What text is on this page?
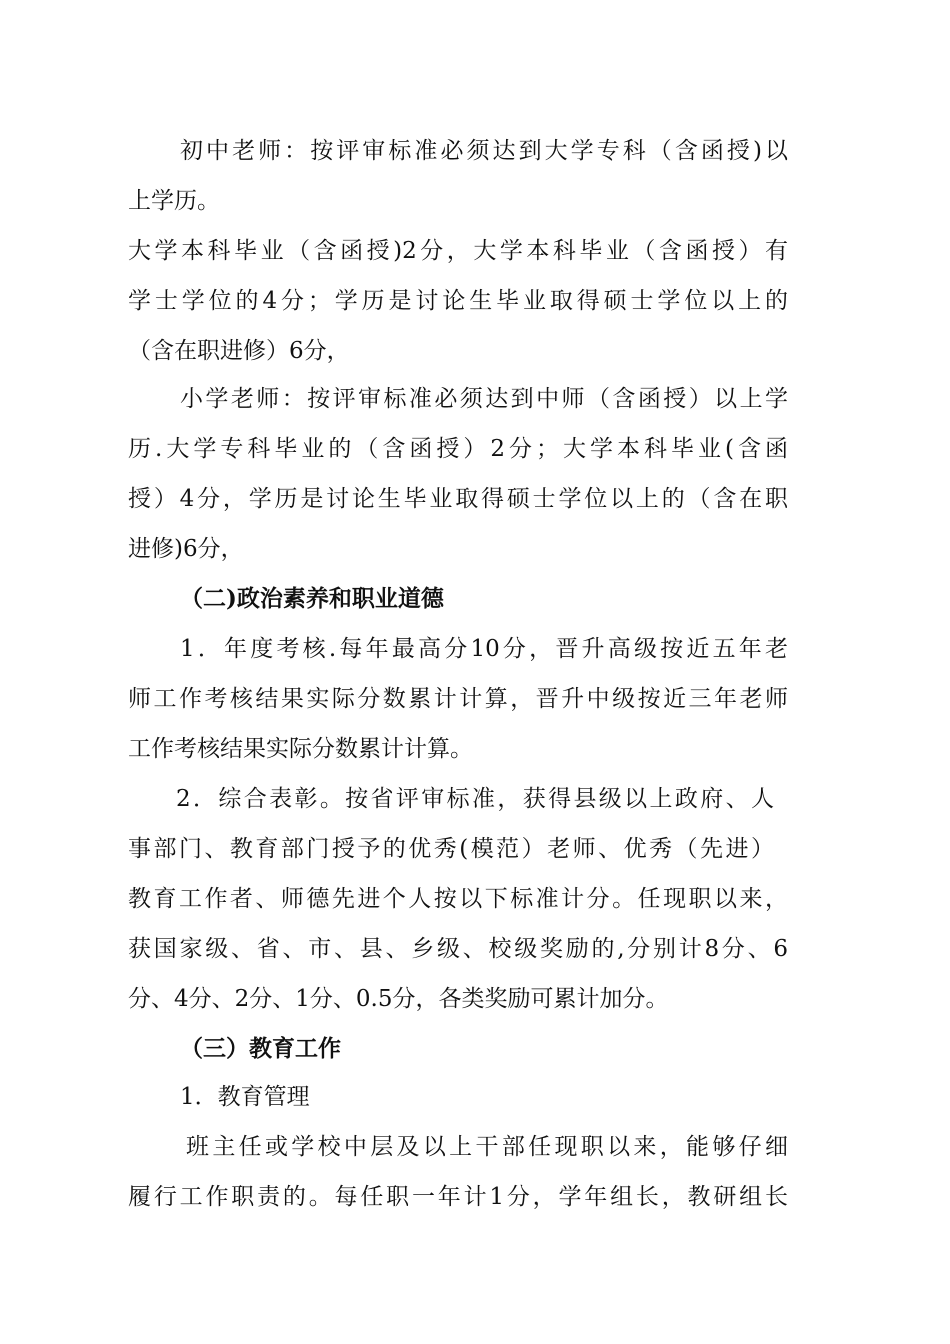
初中老师：按评审标准必须达到大学专科（含函授)以
上学历。
大学本科毕业（含函授)2分，大学本科毕业（含函授）有
学士学位的4分；学历是讨论生毕业取得硕士学位以上的
（含在职进修）6分，
小学老师：按评审标准必须达到中师（含函授）以上学
历.大学专科毕业的（含函授）2分；大学本科毕业(含函
授）4分，学历是讨论生毕业取得硕士学位以上的（含在职
进修)6分，
（二)政治素养和职业道德
1．年度考核.每年最高分10分，晋升高级按近五年老
师工作考核结果实际分数累计计算，晋升中级按近三年老师
工作考核结果实际分数累计计算。
2．综合表彰。按省评审标准，获得县级以上政府、人
事部门、教育部门授予的优秀(模范）老师、优秀（先进）
教育工作者、师德先进个人按以下标准计分。任现职以来，
获国家级、省、市、县、乡级、校级奖励的,分别计8分、6
分、4分、2分、1分、0.5分，各类奖励可累计加分。
（三）教育工作
1．教育管理
班主任或学校中层及以上干部任现职以来，能够仔细
履行工作职责的。每任职一年计1分，学年组长，教研组长
